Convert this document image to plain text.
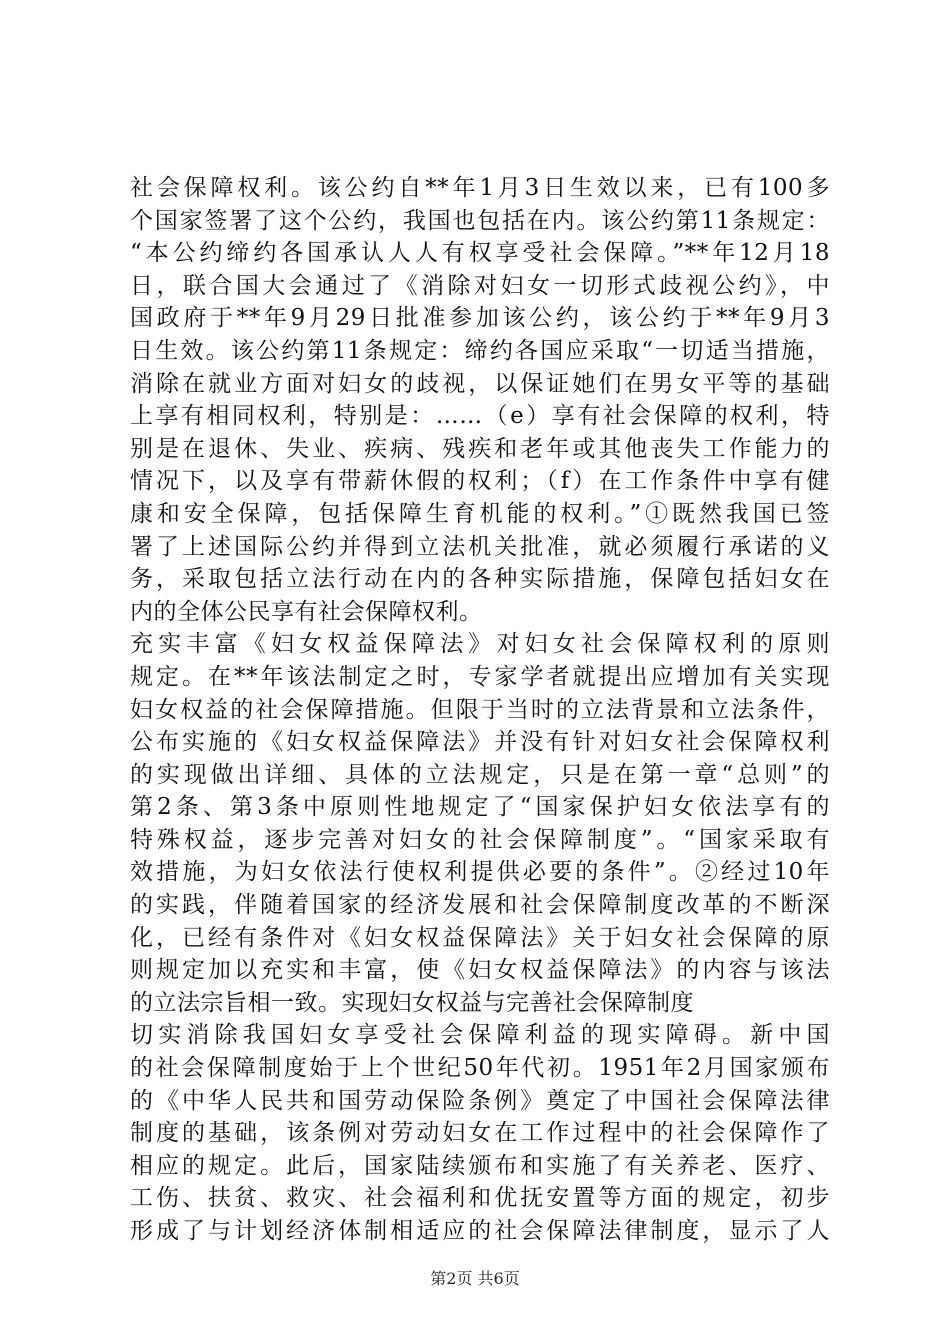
社会保障权利。该公约自**年1月3日生效以来，已有100多
个国家签署了这个公约，我国也包括在内。该公约第11条规定：
“本公约缔约各国承认人人有权享受社会保障。”**年12月18
日，联合国大会通过了《消除对妇女一切形式歧视公约》，中
国政府于**年9月29日批准参加该公约，该公约于**年9月3
日生效。该公约第11条规定：缔约各国应采取“一切适当措施，
消除在就业方面对妇女的歧视，以保证她们在男女平等的基础
上享有相同权利，特别是：……（e）享有社会保障的权利，特
别是在退休、失业、疾病、残疾和老年或其他丧失工作能力的
情况下，以及享有带薪休假的权利；（f）在工作条件中享有健
康和安全保障，包括保障生育机能的权利。”①既然我国已签
署了上述国际公约并得到立法机关批准，就必须履行承诺的义
务，采取包括立法行动在内的各种实际措施，保障包括妇女在
内的全体公民享有社会保障权利。
充实丰富《妇女权益保障法》对妇女社会保障权利的原则
规定。在**年该法制定之时，专家学者就提出应增加有关实现
妇女权益的社会保障措施。但限于当时的立法背景和立法条件，
公布实施的《妇女权益保障法》并没有针对妇女社会保障权利
的实现做出详细、具体的立法规定，只是在第一章“总则”的
第2条、第3条中原则性地规定了“国家保护妇女依法享有的
特殊权益，逐步完善对妇女的社会保障制度”。“国家采取有
效措施，为妇女依法行使权利提供必要的条件”。②经过10年
的实践，伴随着国家的经济发展和社会保障制度改革的不断深
化，已经有条件对《妇女权益保障法》关于妇女社会保障的原
则规定加以充实和丰富，使《妇女权益保障法》的内容与该法
的立法宗旨相一致。实现妇女权益与完善社会保障制度
切实消除我国妇女享受社会保障利益的现实障碍。新中国
的社会保障制度始于上个世纪50年代初。1951年2月国家颁布
的《中华人民共和国劳动保险条例》奠定了中国社会保障法律
制度的基础，该条例对劳动妇女在工作过程中的社会保障作了
相应的规定。此后，国家陆续颁布和实施了有关养老、医疗、
工伤、扶贫、救灾、社会福利和优抚安置等方面的规定，初步
形成了与计划经济体制相适应的社会保障法律制度，显示了人
第2页 共6页
